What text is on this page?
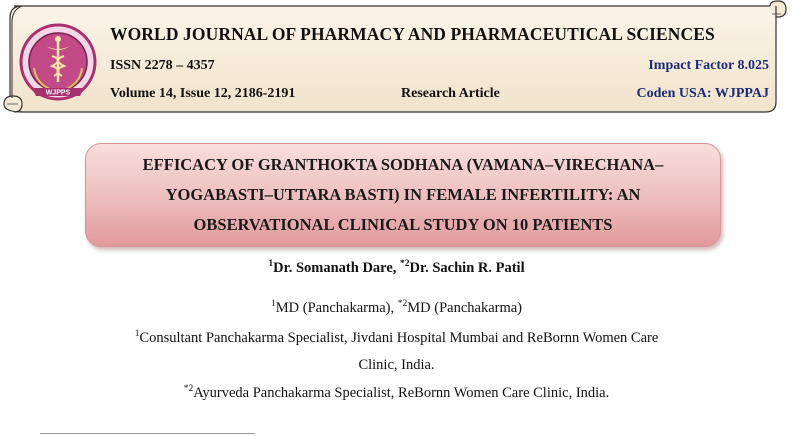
WJPPS
WORLD JOURNAL OF PHARMACY AND PHARMACEUTICAL SCIENCES
ISSN 2278 – 4357	Impact Factor 8.025
Volume 14, Issue 12, 2186-2191	Research Article	Coden USA: WJPPAJ
EFFICACY OF GRANTHOKTA SODHANA (VAMANA–VIRECHANA–
YOGABASTI–UTTARA BASTI) IN FEMALE INFERTILITY: AN
OBSERVATIONAL CLINICAL STUDY ON 10 PATIENTS
$^1$Dr. Somanath Dare, $^{*2}$Dr. Sachin R. Patil
$^1$MD (Panchakarma), $^{*2}$MD (Panchakarma)
$^1$Consultant Panchakarma Specialist, Jivdani Hospital Mumbai and ReBornn Women Care
Clinic, India.
$^{*2}$Ayurveda Panchakarma Specialist, ReBornn Women Care Clinic, India.
